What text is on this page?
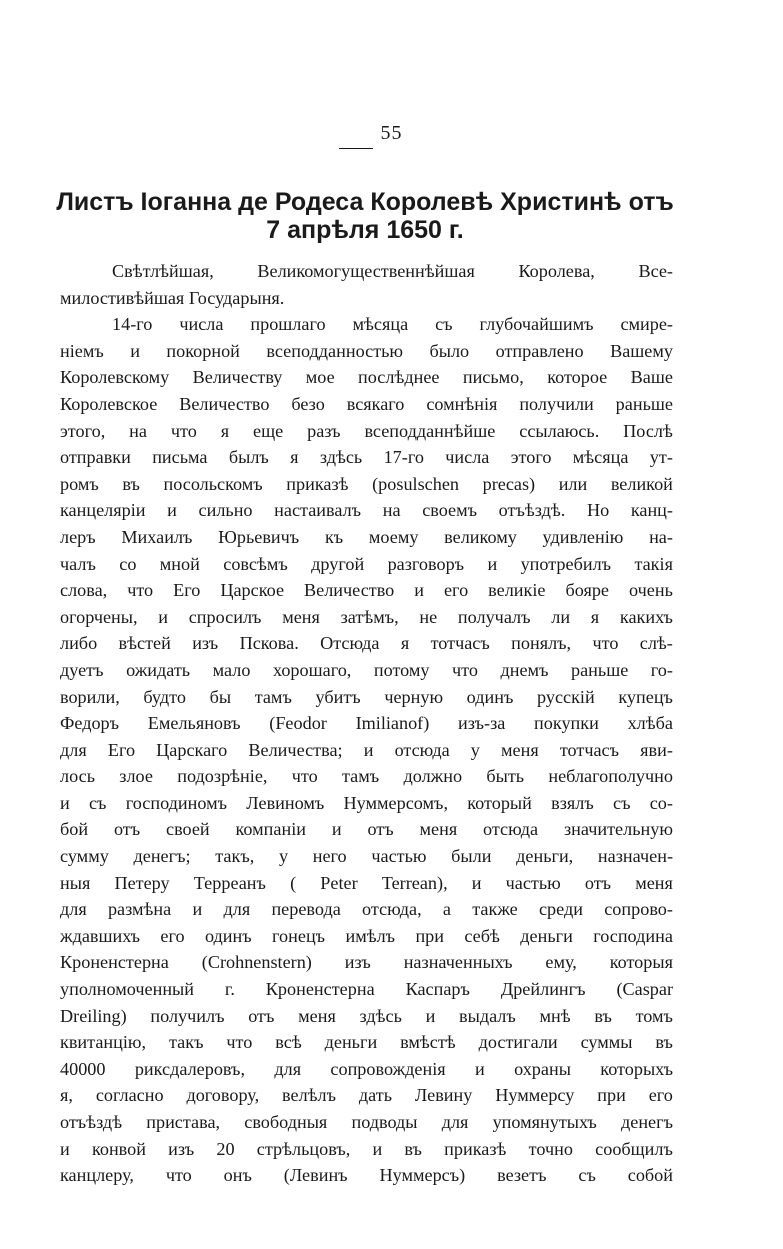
55
Листъ Іоганна де Родеса Королевѣ Христинѣ отъ
7 апрѣля 1650 г.
Свѣтлѣйшая, Великомогущественнѣйшая Королева, Все-
милостивѣйшая Государыня.
14-го числа прошлаго мѣсяца съ глубочайшимъ смире-
ніемъ и покорной всеподданностью было отправлено Вашему
Королевскому Величеству мое послѣднее письмо, которое Ваше
Королевское Величество безо всякаго сомнѣнія получили раньше
этого, на что я еще разъ всеподданнѣйше ссылаюсь. Послѣ
отправки письма былъ я здѣсь 17-го числа этого мѣсяца ут-
ромъ въ посольскомъ приказѣ (posulschen precas) или великой
канцеляріи и сильно настаивалъ на своемъ отъѣздѣ. Но канц-
леръ Михаилъ Юрьевичъ къ моему великому удивленію на-
чалъ со мной совсѣмъ другой разговоръ и употребилъ такія
слова, что Его Царское Величество и его великіе бояре очень
огорчены, и спросилъ меня затѣмъ, не получалъ ли я какихъ
либо вѣстей изъ Пскова. Отсюда я тотчасъ понялъ, что слѣ-
дуетъ ожидать мало хорошаго, потому что днемъ раньше го-
ворили, будто бы тамъ убитъ черную одинъ русскій купецъ
Федоръ Емельяновъ (Feodor Imilianof) изъ-за покупки хлѣба
для Его Царскаго Величества; и отсюда у меня тотчасъ яви-
лось злое подозрѣніе, что тамъ должно быть неблагополучно
и съ господиномъ Левиномъ Нуммерсомъ, который взялъ съ со-
бой отъ своей компаніи и отъ меня отсюда значительную
сумму денегъ; такъ, у него частью были деньги, назначен-
ныя Петеру Терреанъ ( Peter Terrean), и частью отъ меня
для размѣна и для перевода отсюда, а также среди сопрово-
ждавшихъ его одинъ гонецъ имѣлъ при себѣ деньги господина
Кроненстерна (Crohnenstern) изъ назначенныхъ ему, которыя
уполномоченный г. Кроненстерна Каспаръ Дрейлингъ (Caspar
Dreiling) получилъ отъ меня здѣсь и выдалъ мнѣ въ томъ
квитанцію, такъ что всѣ деньги вмѣстѣ достигали суммы въ
40000 риксдалеровъ, для сопровожденія и охраны которыхъ
я, согласно договору, велѣлъ дать Левину Нуммерсу при его
отъѣздѣ пристава, свободныя подводы для упомянутыхъ денегъ
и конвой изъ 20 стрѣльцовъ, и въ приказѣ точно сообщилъ
канцлеру, что онъ (Левинъ Нуммерсъ) везетъ съ собой
